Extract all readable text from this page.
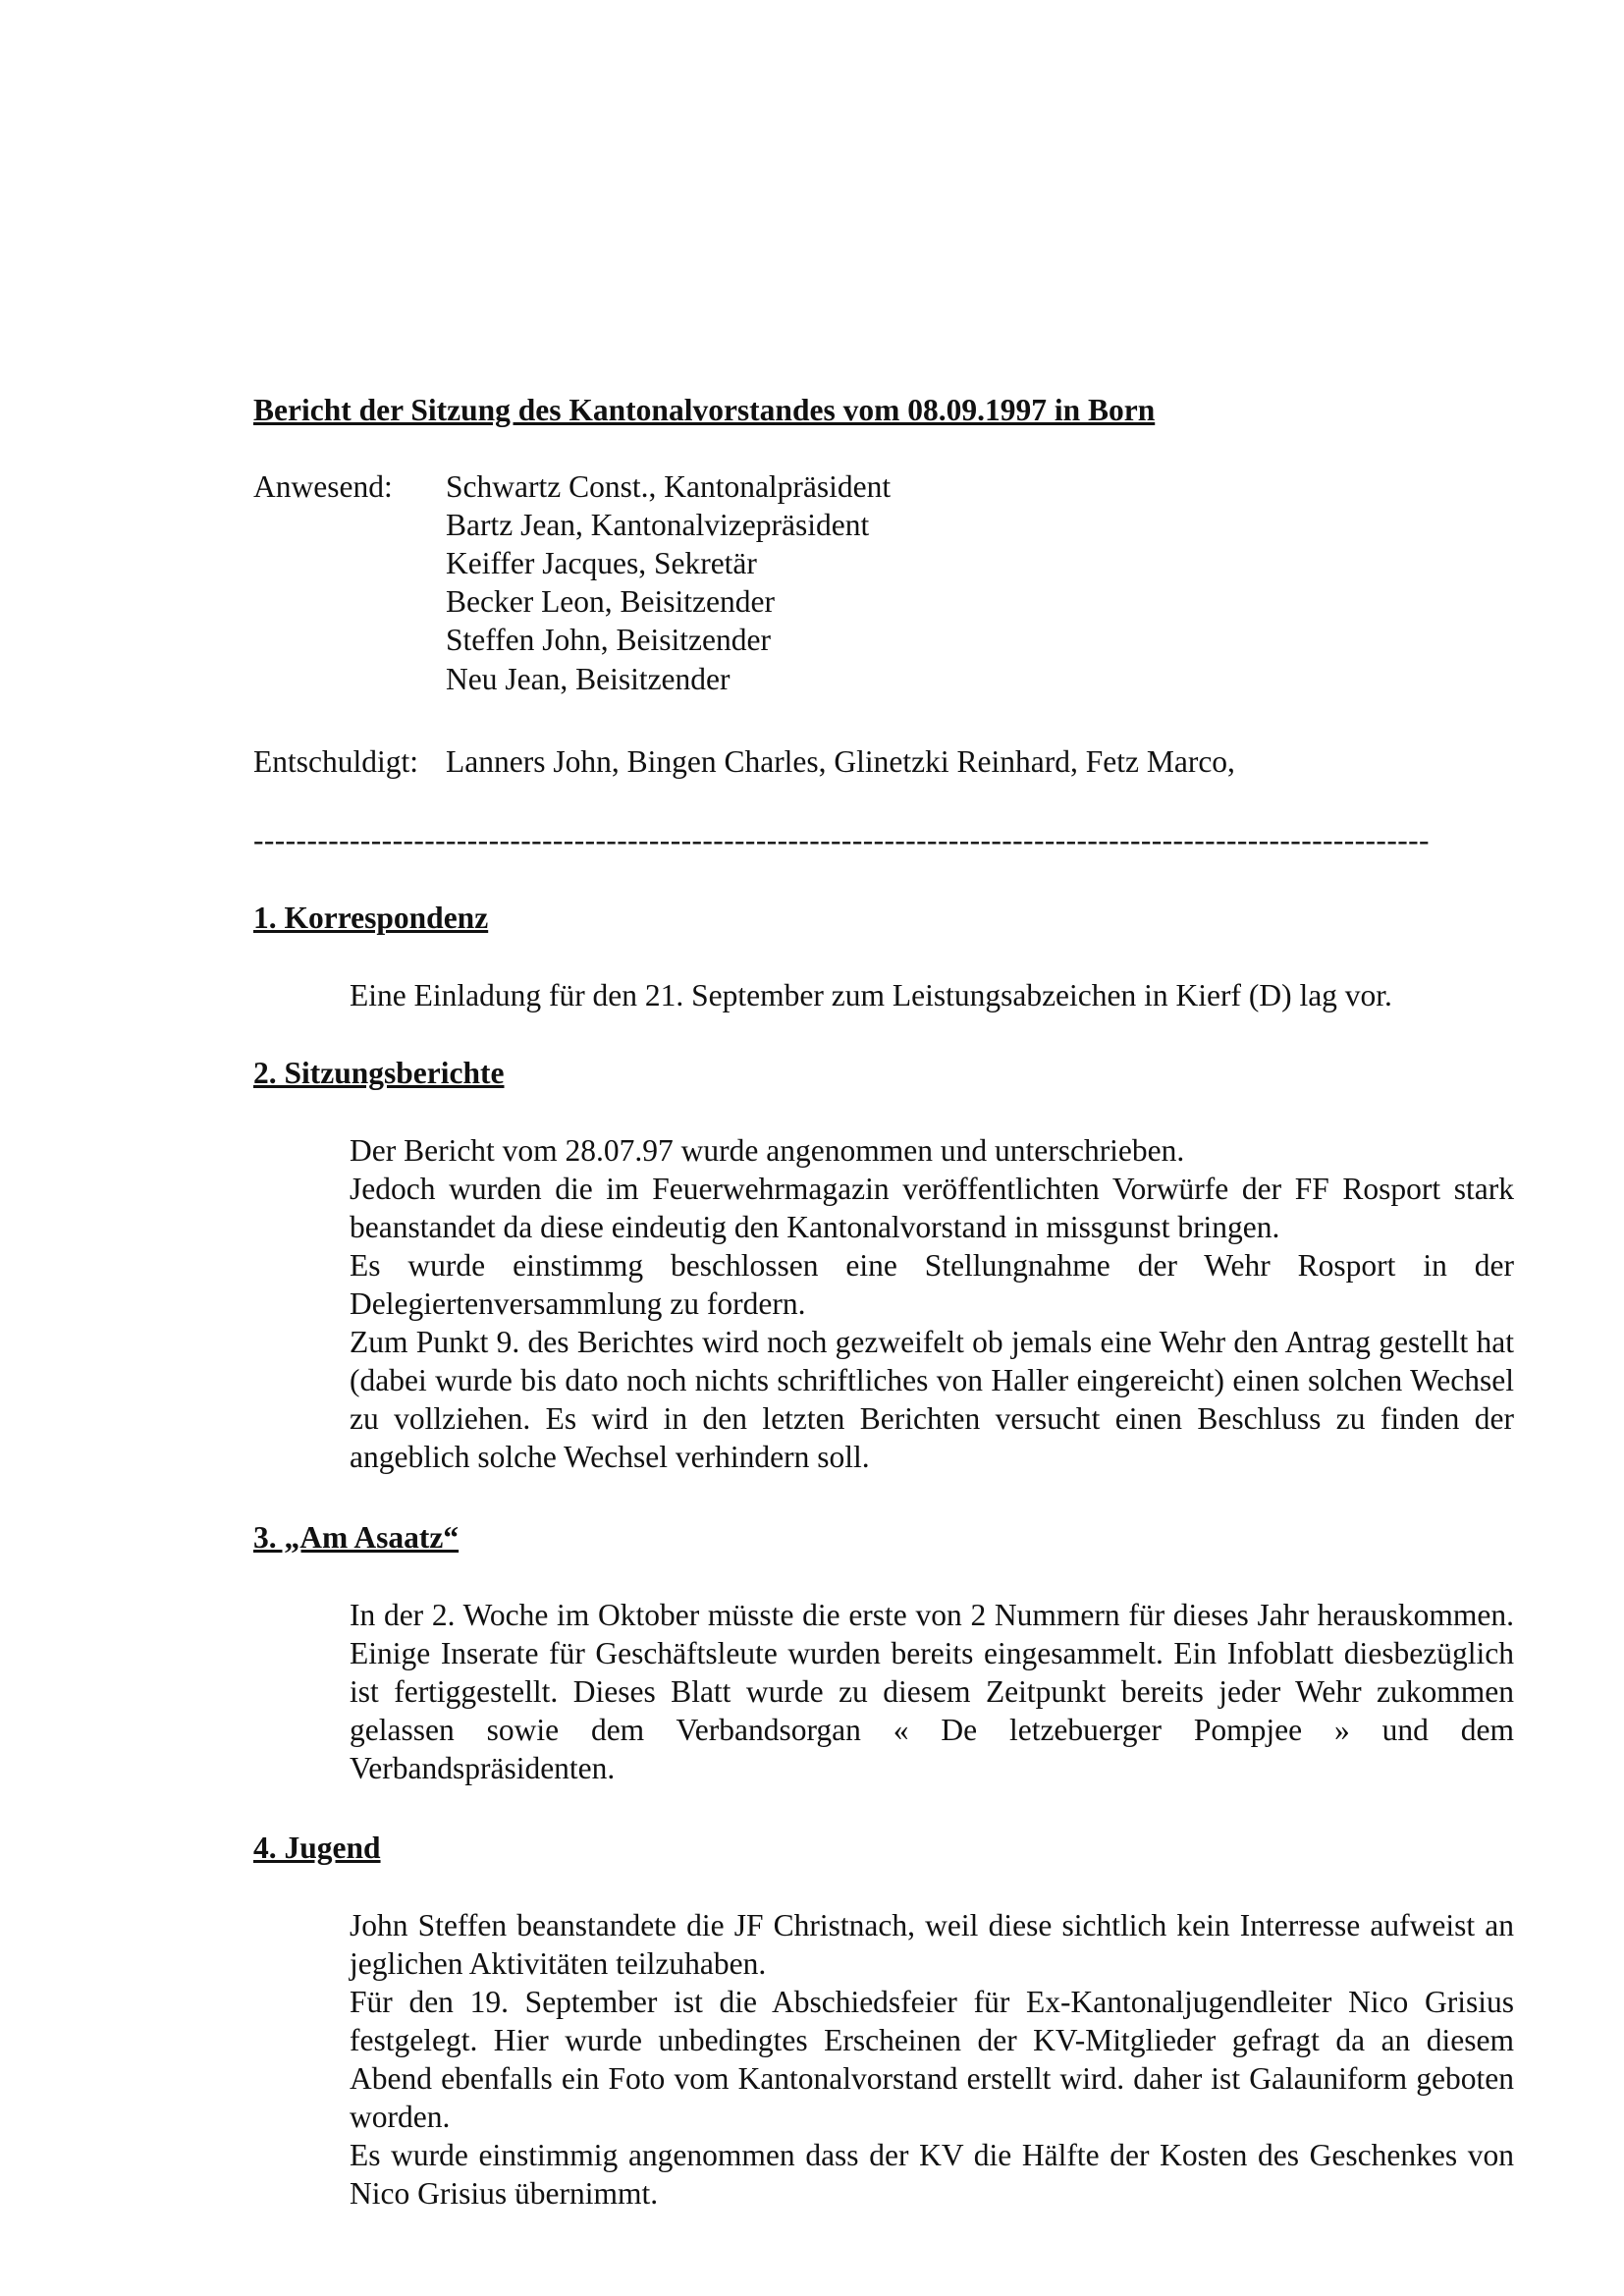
Bericht der Sitzung des Kantonalvorstandes vom 08.09.1997 in Born
Anwesend: Schwartz Const., Kantonalpräsident
Bartz Jean, Kantonalvizepräsident
Keiffer Jacques, Sekretär
Becker Leon, Beisitzender
Steffen John, Beisitzender
Neu Jean, Beisitzender
Entschuldigt: Lanners John, Bingen Charles, Glinetzki Reinhard, Fetz Marco,
--------------------------------------------------------------------------------------------------------------
1. Korrespondenz

Eine Einladung für den 21. September zum Leistungsabzeichen in Kierf (D) lag vor.

2. Sitzungsberichte

Der Bericht vom 28.07.97 wurde angenommen und unterschrieben.

Jedoch wurden die im Feuerwehrmagazin veröffentlichten Vorwürfe der FF Rosport stark beanstandet da diese eindeutig den Kantonalvorstand in missgunst bringen.

Es wurde einstimmg beschlossen eine Stellungnahme der Wehr Rosport in der Delegiertenversammlung zu fordern.

Zum Punkt 9. des Berichtes wird noch gezweifelt ob jemals eine Wehr den Antrag gestellt hat (dabei wurde bis dato noch nichts schriftliches von Haller eingereicht) einen solchen Wechsel zu vollziehen. Es wird in den letzten Berichten versucht einen Beschluss zu finden der angeblich solche Wechsel verhindern soll.

3. „Am Asaatz“

In der 2. Woche im Oktober müsste die erste von 2 Nummern für dieses Jahr herauskommen. Einige Inserate für Geschäftsleute wurden bereits eingesammelt. Ein Infoblatt diesbezüglich ist fertiggestellt. Dieses Blatt wurde zu diesem Zeitpunkt bereits jeder Wehr zukommen gelassen sowie dem Verbandsorgan « De letzebuerger Pompjee » und dem Verbandspräsidenten.

4. Jugend

John Steffen beanstandete die JF Christnach, weil diese sichtlich kein Interresse aufweist an jeglichen Aktivitäten teilzuhaben.

Für den 19. September ist die Abschiedsfeier für Ex-Kantonaljugendleiter Nico Grisius festgelegt. Hier wurde unbedingtes Erscheinen der KV-Mitglieder gefragt da an diesem Abend ebenfalls ein Foto vom Kantonalvorstand erstellt wird. daher ist Galauniform geboten worden.

Es wurde einstimmig angenommen dass der KV die Hälfte der Kosten des Geschenkes von Nico Grisius übernimmt.
